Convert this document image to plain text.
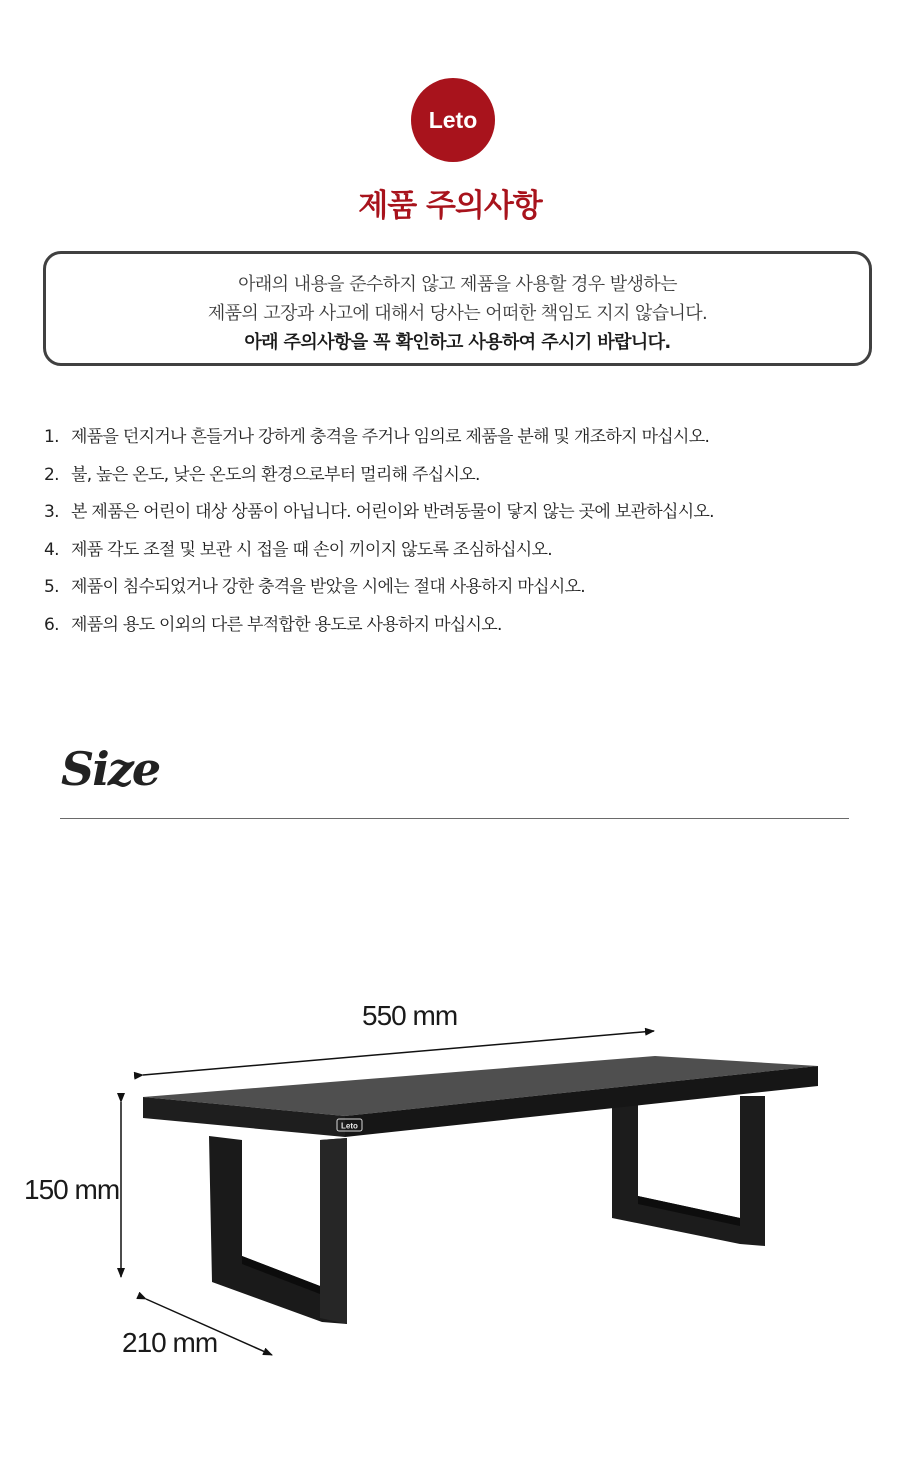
Leto
제품 주의사항
아래의 내용을 준수하지 않고 제품을 사용할 경우 발생하는
제품의 고장과 사고에 대해서 당사는 어떠한 책임도 지지 않습니다.
아래 주의사항을 꼭 확인하고 사용하여 주시기 바랍니다.
1. 제품을 던지거나 흔들거나 강하게 충격을 주거나 임의로 제품을 분해 및 개조하지 마십시오.
2. 불, 높은 온도, 낮은 온도의 환경으로부터 멀리해 주십시오.
3. 본 제품은 어린이 대상 상품이 아닙니다. 어린이와 반려동물이 닿지 않는 곳에 보관하십시오.
4. 제품 각도 조절 및 보관 시 접을 때 손이 끼이지 않도록 조심하십시오.
5. 제품이 침수되었거나 강한 충격을 받았을 시에는 절대 사용하지 마십시오.
6. 제품의 용도 이외의 다른 부적합한 용도로 사용하지 마십시오.
Size
Leto
550 mm
150 mm
210 mm
